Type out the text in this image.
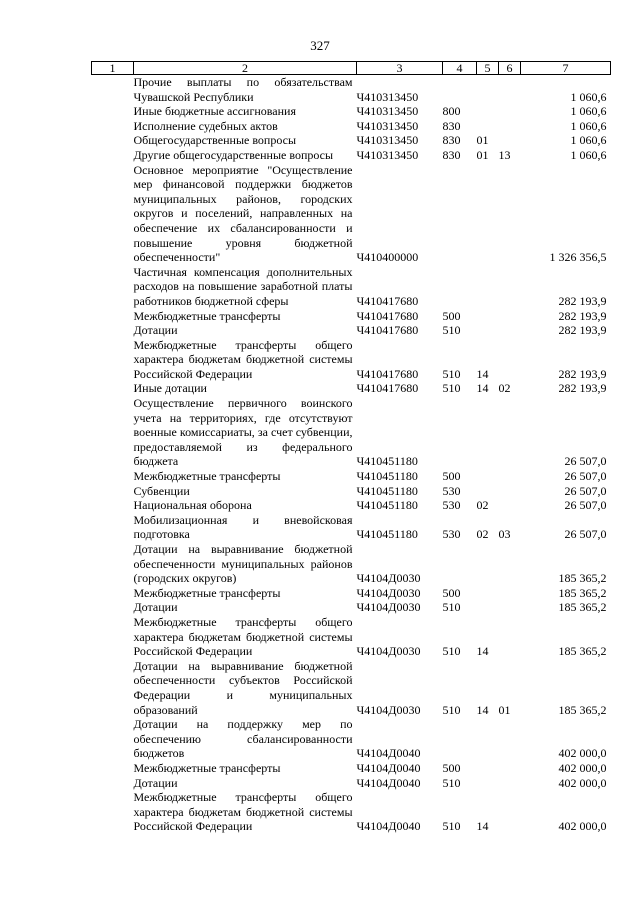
327
1	2	3	4	5	6	7
	Прочие выплаты по обязательствам Чувашской Республики	Ч410313450				1 060,6
	Иные бюджетные ассигнования	Ч410313450	800			1 060,6
	Исполнение судебных актов	Ч410313450	830			1 060,6
	Общегосударственные вопросы	Ч410313450	830	01		1 060,6
	Другие общегосударственные вопросы	Ч410313450	830	01	13	1 060,6
	Основное мероприятие "Осуществление мер финансовой поддержки бюджетов муниципальных районов, городских округов и поселений, направленных на обеспечение их сбалансированности и повышение уровня бюджетной обеспеченности"	Ч410400000				1 326 356,5
	Частичная компенсация дополнительных расходов на повышение заработной платы работников бюджетной сферы	Ч410417680				282 193,9
	Межбюджетные трансферты	Ч410417680	500			282 193,9
	Дотации	Ч410417680	510			282 193,9
	Межбюджетные трансферты общего характера бюджетам бюджетной системы Российской Федерации	Ч410417680	510	14		282 193,9
	Иные дотации	Ч410417680	510	14	02	282 193,9
	Осуществление первичного воинского учета на территориях, где отсутствуют военные комиссариаты, за счет субвенции, предоставляемой из федерального бюджета	Ч410451180				26 507,0
	Межбюджетные трансферты	Ч410451180	500			26 507,0
	Субвенции	Ч410451180	530			26 507,0
	Национальная оборона	Ч410451180	530	02		26 507,0
	Мобилизационная и вневойсковая подготовка	Ч410451180	530	02	03	26 507,0
	Дотации на выравнивание бюджетной обеспеченности муниципальных районов (городских округов)	Ч4104Д0030				185 365,2
	Межбюджетные трансферты	Ч4104Д0030	500			185 365,2
	Дотации	Ч4104Д0030	510			185 365,2
	Межбюджетные трансферты общего характера бюджетам бюджетной системы Российской Федерации	Ч4104Д0030	510	14		185 365,2
	Дотации на выравнивание бюджетной обеспеченности субъектов Российской Федерации и муниципальных образований	Ч4104Д0030	510	14	01	185 365,2
	Дотации на поддержку мер по обеспечению сбалансированности бюджетов	Ч4104Д0040				402 000,0
	Межбюджетные трансферты	Ч4104Д0040	500			402 000,0
	Дотации	Ч4104Д0040	510			402 000,0
	Межбюджетные трансферты общего характера бюджетам бюджетной системы Российской Федерации	Ч4104Д0040	510	14		402 000,0
